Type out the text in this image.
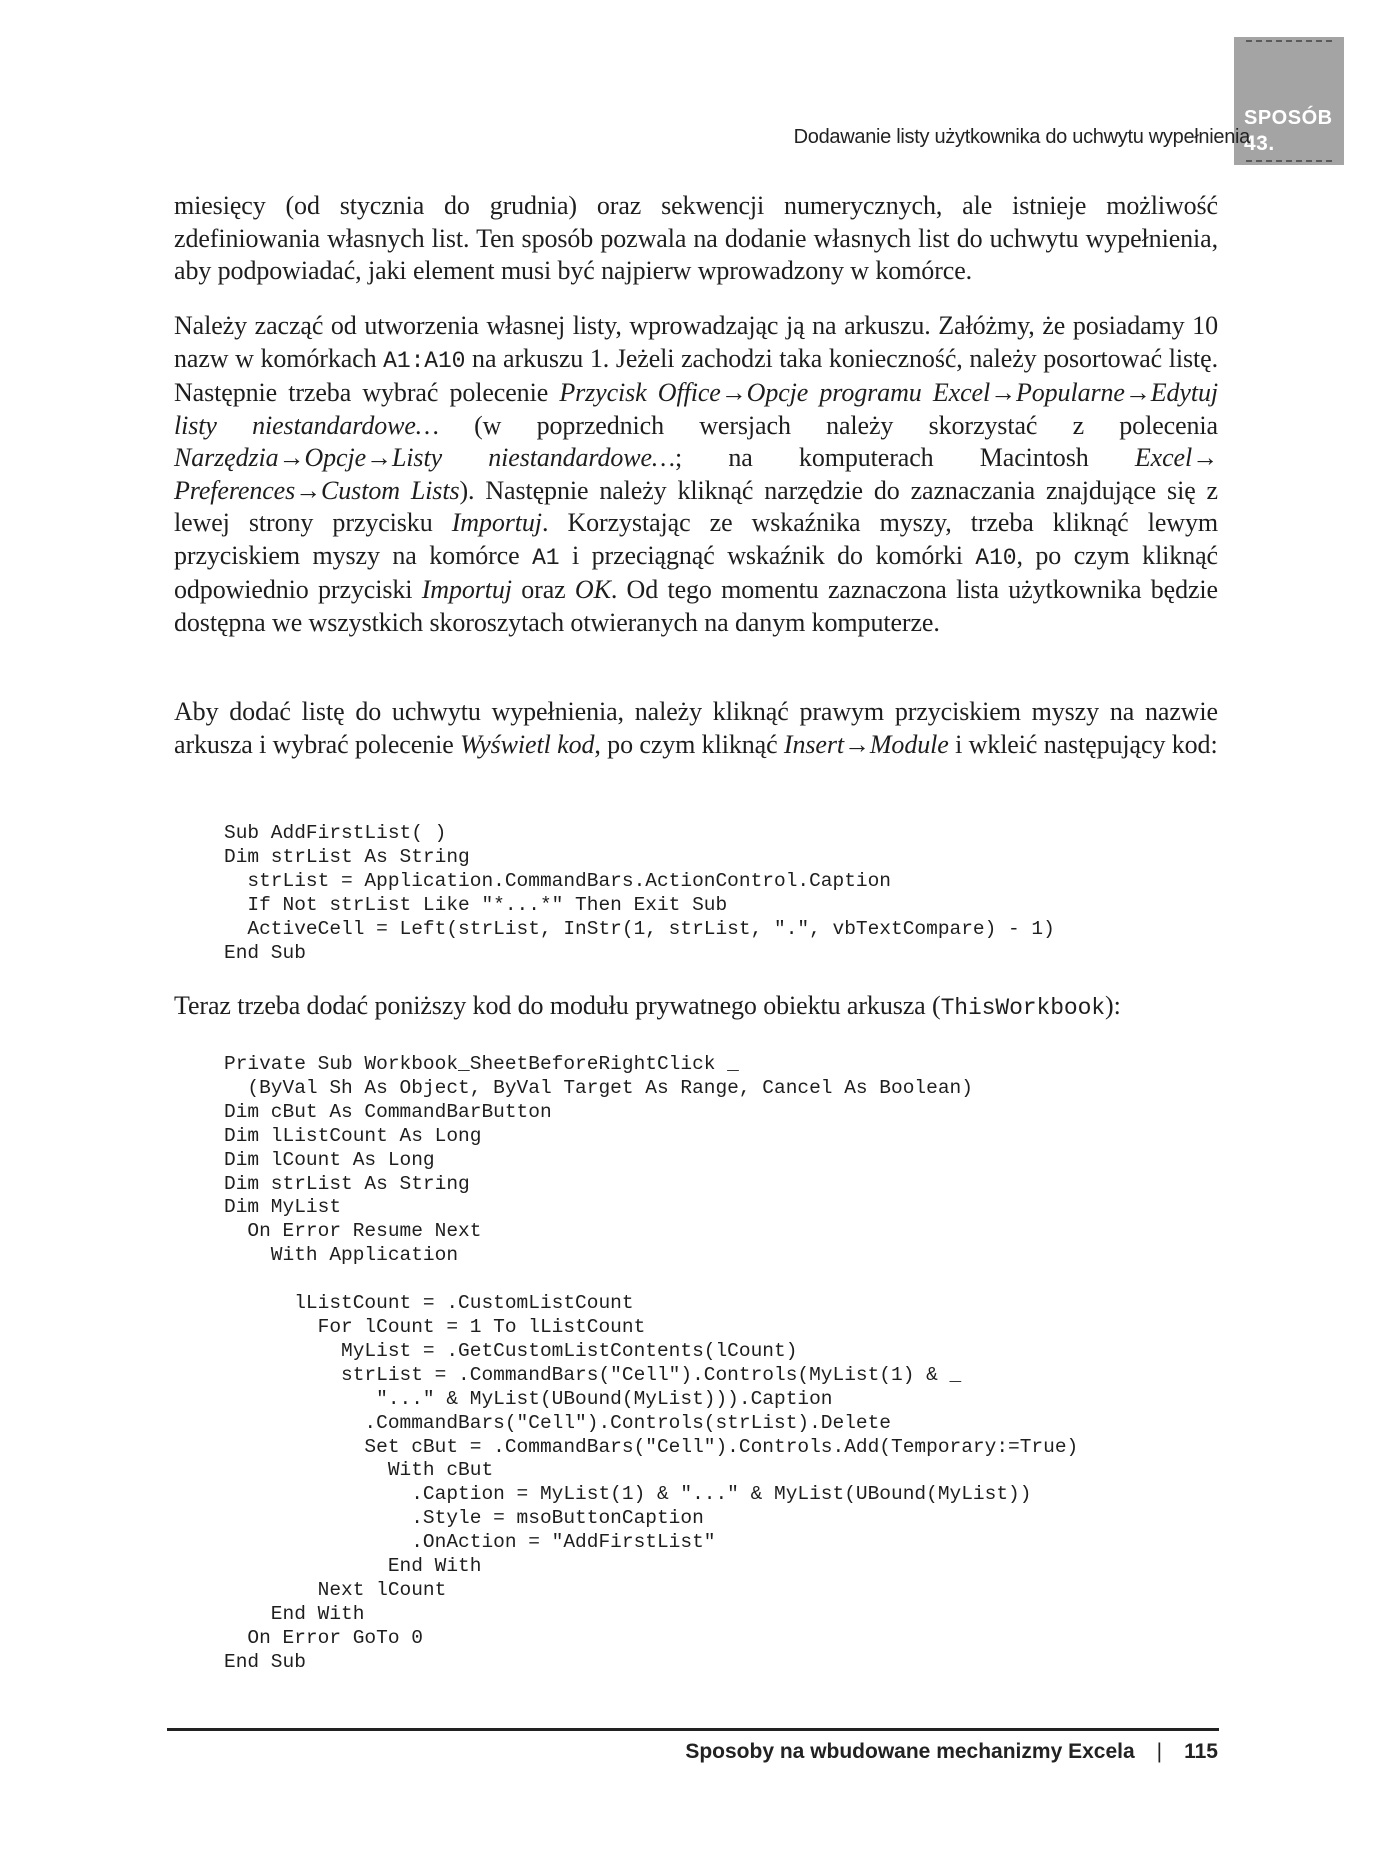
SPOSÓB
43.
Dodawanie listy użytkownika do uchwytu wypełnienia

miesięcy (od stycznia do grudnia) oraz sekwencji numerycznych, ale istnieje możliwość zdefiniowania własnych list. Ten sposób pozwala na dodanie własnych list do uchwytu wypełnienia, aby podpowiadać, jaki element musi być najpierw wprowadzony w komórce.

Należy zacząć od utworzenia własnej listy, wprowadzając ją na arkuszu. Załóżmy, że posiadamy 10 nazw w komórkach A1:A10 na arkuszu 1. Jeżeli zachodzi taka konieczność, należy posortować listę. Następnie trzeba wybrać polecenie Przycisk Office→Opcje programu Excel→Popularne→Edytuj listy niestandardowe… (w poprzednich wersjach należy skorzystać z polecenia Narzędzia→Opcje→Listy niestandardowe…; na komputerach Macintosh Excel→ Preferences→Custom Lists). Następnie należy kliknąć narzędzie do zaznaczania znajdujące się z lewej strony przycisku Importuj. Korzystając ze wskaźnika myszy, trzeba kliknąć lewym przyciskiem myszy na komórce A1 i przeciągnąć wskaźnik do komórki A10, po czym kliknąć odpowiednio przyciski Importuj oraz OK. Od tego momentu zaznaczona lista użytkownika będzie dostępna we wszystkich skoroszytach otwieranych na danym komputerze.

Aby dodać listę do uchwytu wypełnienia, należy kliknąć prawym przyciskiem myszy na nazwie arkusza i wybrać polecenie Wyświetl kod, po czym kliknąć Insert→Module i wkleić następujący kod:

Sub AddFirstList( )
Dim strList As String
strList = Application.CommandBars.ActionControl.Caption
If Not strList Like "*...*" Then Exit Sub
ActiveCell = Left(strList, InStr(1, strList, ".", vbTextCompare) - 1)
End Sub

Teraz trzeba dodać poniższy kod do modułu prywatnego obiektu arkusza (ThisWorkbook):

Private Sub Workbook_SheetBeforeRightClick _
(ByVal Sh As Object, ByVal Target As Range, Cancel As Boolean)
Dim cBut As CommandBarButton
Dim lListCount As Long
Dim lCount As Long
Dim strList As String
Dim MyList
On Error Resume Next
With Application

lListCount = .CustomListCount
For lCount = 1 To lListCount
MyList = .GetCustomListContents(lCount)
strList = .CommandBars("Cell").Controls(MyList(1) & _
"..." & MyList(UBound(MyList))).Caption
.CommandBars("Cell").Controls(strList).Delete
Set cBut = .CommandBars("Cell").Controls.Add(Temporary:=True)
With cBut
.Caption = MyList(1) & "..." & MyList(UBound(MyList))
.Style = msoButtonCaption
.OnAction = "AddFirstList"
End With
Next lCount
End With
On Error GoTo 0
End Sub
Sposoby na wbudowane mechanizmy Excela | 115
